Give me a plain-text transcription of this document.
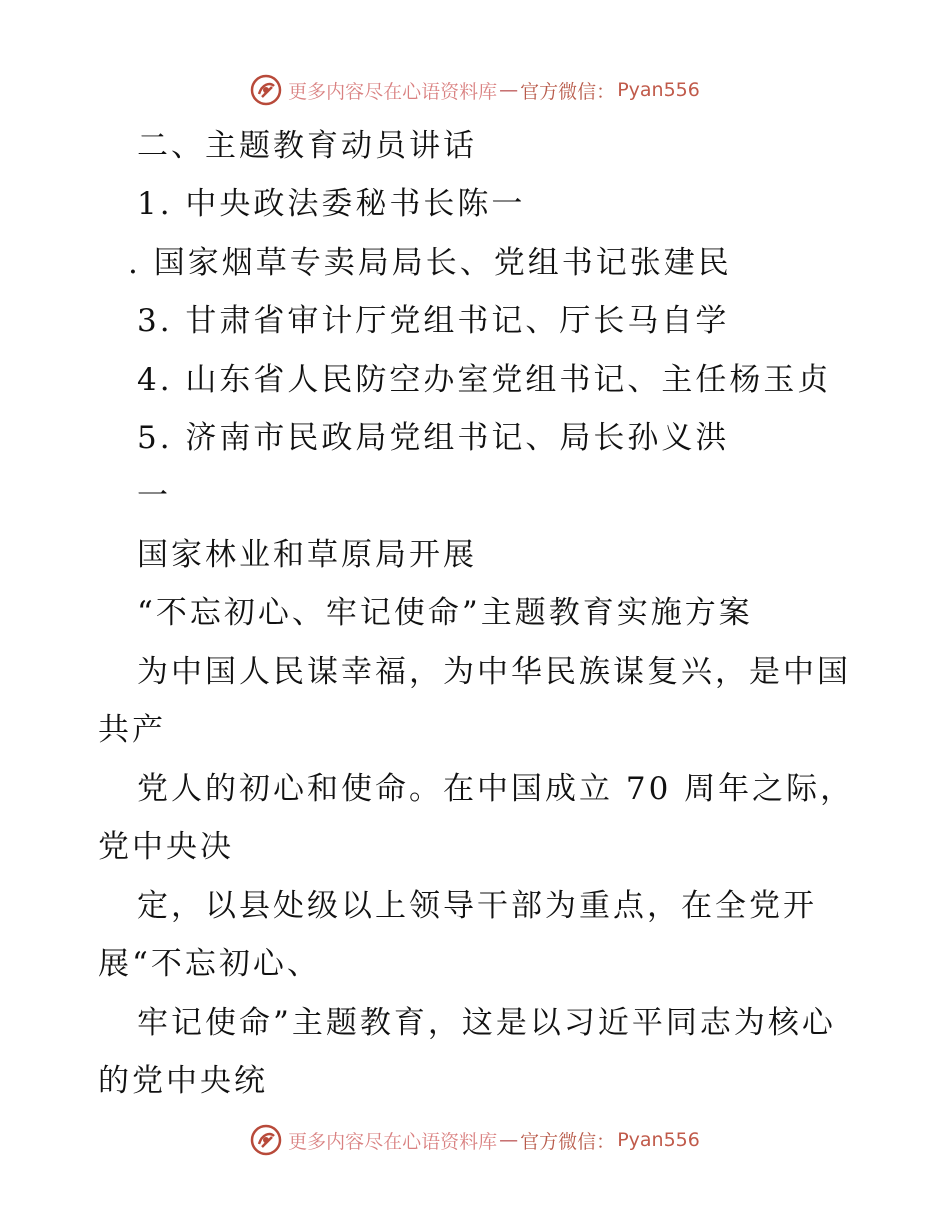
更多内容尽在心语资料库 — 官方微信： Pyan556
二、主题教育动员讲话
1. 中央政法委秘书长陈一
. 国家烟草专卖局局长、党组书记张建民
3. 甘肃省审计厅党组书记、厅长马自学
4. 山东省人民防空办室党组书记、主任杨玉贞
5. 济南市民政局党组书记、局长孙义洪
一
国家林业和草原局开展
“不忘初心、牢记使命”主题教育实施方案
为中国人民谋幸福，为中华民族谋复兴，是中国
共产
党人的初心和使命。在中国成立 70 周年之际，
党中央决
定，以县处级以上领导干部为重点，在全党开
展“不忘初心、
牢记使命”主题教育，这是以习近平同志为核心
的党中央统
更多内容尽在心语资料库 — 官方微信： Pyan556
